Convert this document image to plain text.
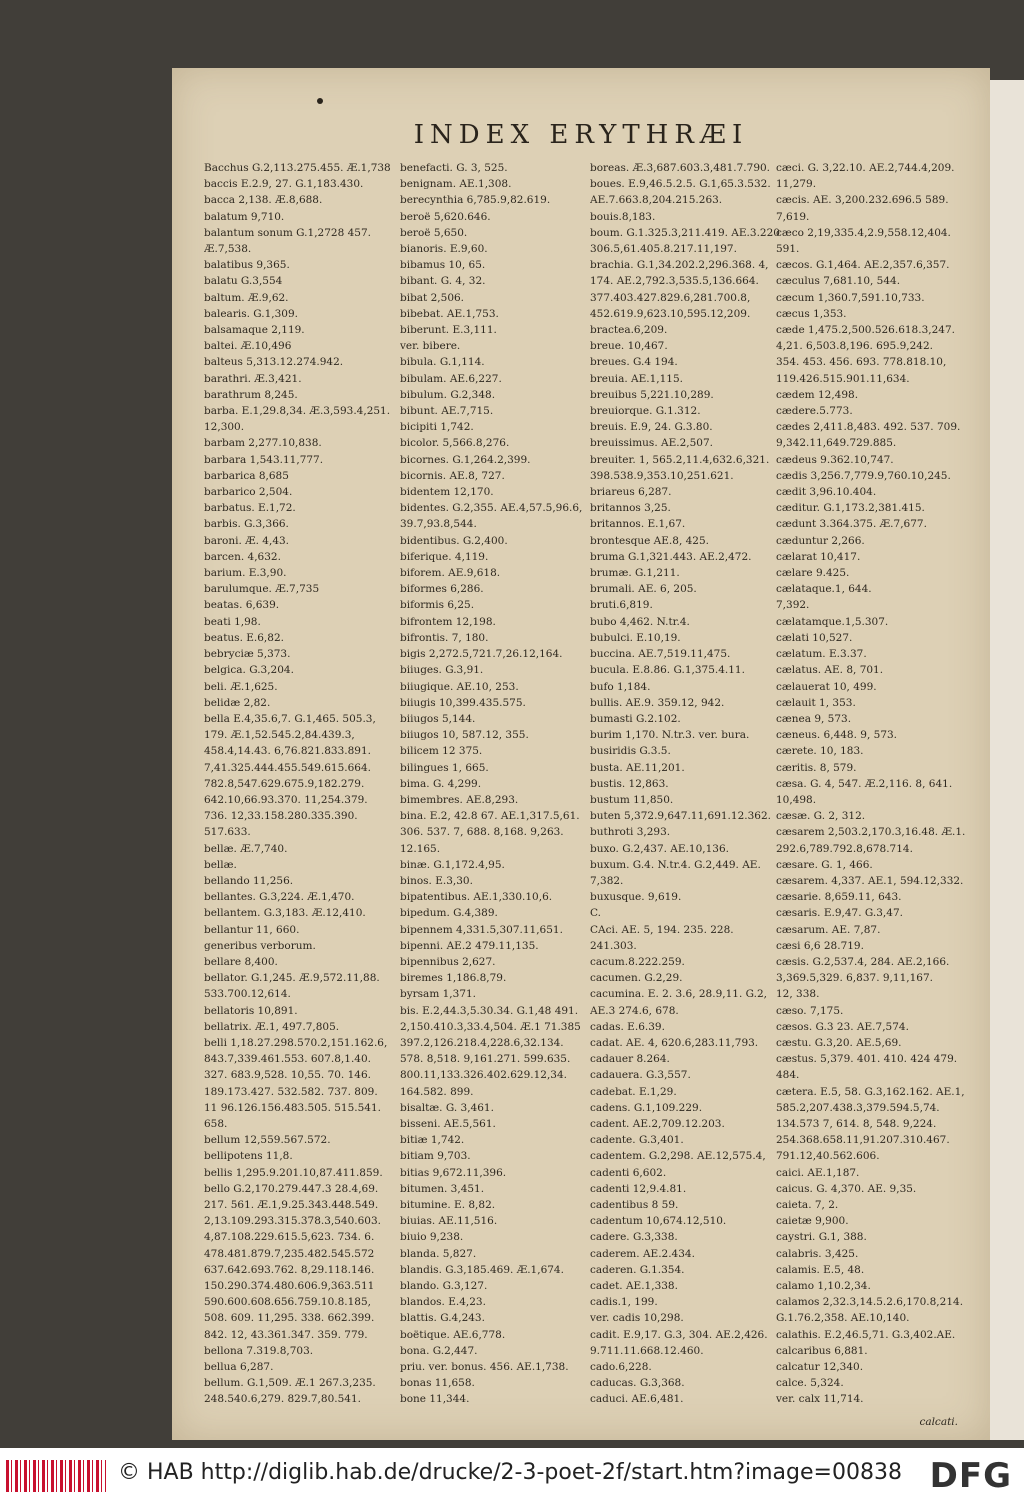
INDEX ERYTHRÆI
Bacchus G.2,113.275.455. Æ.1,738
baccis E.2.9, 27. G.1,183.430.
bacca 2,138. Æ.8,688.
balatum 9,710.
balantum sonum G.1,2728 457.
Æ.7,538.
balatibus 9,365.
balatu G.3,554
baltum. Æ.9,62.
balearis. G.1,309.
balsamaque 2,119.
baltei. Æ.10,496
balteus 5,313.12.274.942.
barathri. Æ.3,421.
barathrum 8,245.
barba. E.1,29.8,34. Æ.3,593.4,251.
12,300.
barbam 2,277.10,838.
barbara 1,543.11,777.
barbarica 8,685
barbarico 2,504.
barbatus. E.1,72.
barbis. G.3,366.
baroni. Æ. 4,43.
barcen. 4,632.
barium. E.3,90.
barulumque. Æ.7,735
beatas. 6,639.
beati 1,98.
beatus. E.6,82.
bebryciæ 5,373.
belgica. G.3,204.
beli. Æ.1,625.
belidæ 2,82.
bella E.4,35.6,7. G.1,465. 505.3,
179. Æ.1,52.545.2,84.439.3,
458.4,14.43. 6,76.821.833.891.
7,41.325.444.455.549.615.664.
782.8,547.629.675.9,182.279.
642.10,66.93.370. 11,254.379.
736. 12,33.158.280.335.390.
517.633.
bellæ. Æ.7,740.
bellæ.
bellando 11,256.
bellantes. G.3,224. Æ.1,470.
bellantem. G.3,183. Æ.12,410.
bellantur 11, 660.
generibus verborum.
bellare 8,400.
bellator. G.1,245. Æ.9,572.11,88.
533.700.12,614.
bellatoris 10,891.
bellatrix. Æ.1, 497.7,805.
belli 1,18.27.298.570.2,151.162.6,
843.7,339.461.553. 607.8,1.40.
327. 683.9,528. 10,55. 70. 146.
189.173.427. 532.582. 737. 809.
11 96.126.156.483.505. 515.541.
658.
bellum 12,559.567.572.
bellipotens 11,8.
bellis 1,295.9.201.10,87.411.859.
bello G.2,170.279.447.3 28.4,69.
217. 561. Æ.1,9.25.343.448.549.
2,13.109.293.315.378.3,540.603.
4,87.108.229.615.5,623. 734. 6.
478.481.879.7,235.482.545.572
637.642.693.762. 8,29.118.146.
150.290.374.480.606.9,363.511
590.600.608.656.759.10.8.185,
508. 609. 11,295. 338. 662.399.
842. 12, 43.361.347. 359. 779.
bellona 7.319.8,703.
bellua 6,287.
bellum. G.1,509. Æ.1 267.3,235.
248.540.6,279. 829.7,80.541.
benefacti. G. 3, 525.
benignam. AE.1,308.
berecynthia 6,785.9,82.619.
beroë 5,620.646.
beroë 5,650.
bianoris. E.9,60.
bibamus 10, 65.
bibant. G. 4, 32.
bibat 2,506.
bibebat. AE.1,753.
biberunt. E.3,111.
ver. bibere.
bibula. G.1,114.
bibulam. AE.6,227.
bibulum. G.2,348.
bibunt. AE.7,715.
bicipiti 1,742.
bicolor. 5,566.8,276.
bicornes. G.1,264.2,399.
bicornis. AE.8, 727.
bidentem 12,170.
bidentes. G.2,355. AE.4,57.5,96.6,
39.7,93.8,544.
bidentibus. G.2,400.
biferique. 4,119.
biforem. AE.9,618.
biformes 6,286.
biformis 6,25.
bifrontem 12,198.
bifrontis. 7, 180.
bigis 2,272.5,721.7,26.12,164.
biiuges. G.3,91.
biiugique. AE.10, 253.
biiugis 10,399.435.575.
biiugos 5,144.
biiugos 10, 587.12, 355.
bilicem 12 375.
bilingues 1, 665.
bima. G. 4,299.
bimembres. AE.8,293.
bina. E.2, 42.8 67. AE.1,317.5,61.
306. 537. 7, 688. 8,168. 9,263.
12.165.
binæ. G.1,172.4,95.
binos. E.3,30.
bipatentibus. AE.1,330.10,6.
bipedum. G.4,389.
bipennem 4,331.5,307.11,651.
bipenni. AE.2 479.11,135.
bipennibus 2,627.
biremes 1,186.8,79.
byrsam 1,371.
bis. E.2,44.3,5.30.34. G.1,48 491.
2,150.410.3,33.4,504. Æ.1 71.385
397.2,126.218.4,228.6,32.134.
578. 8,518. 9,161.271. 599.635.
800.11,133.326.402.629.12,34.
164.582. 899.
bisaltæ. G. 3,461.
bisseni. AE.5,561.
bitiæ 1,742.
bitiam 9,703.
bitias 9,672.11,396.
bitumen. 3,451.
bitumine. E. 8,82.
biuias. AE.11,516.
biuio 9,238.
blanda. 5,827.
blandis. G.3,185.469. Æ.1,674.
blando. G.3,127.
blandos. E.4,23.
blattis. G.4,243.
boëtique. AE.6,778.
bona. G.2,447.
priu. ver. bonus. 456. AE.1,738.
bonas 11,658.
bone 11,344.
boreas. Æ.3,687.603.3,481.7.790.
boues. E.9,46.5.2.5. G.1,65.3.532.
AE.7.663.8,204.215.263.
bouis.8,183.
boum. G.1.325.3,211.419. AE.3.220
306.5,61.405.8.217.11,197.
brachia. G.1,34.202.2,296.368. 4,
174. AE.2,792.3,535.5,136.664.
377.403.427.829.6,281.700.8,
452.619.9,623.10,595.12,209.
bractea.6,209.
breue. 10,467.
breues. G.4 194.
breuia. AE.1,115.
breuibus 5,221.10,289.
breuiorque. G.1.312.
breuis. E.9, 24. G.3.80.
breuissimus. AE.2,507.
breuiter. 1, 565.2,11.4,632.6,321.
398.538.9,353.10,251.621.
briareus 6,287.
britannos 3,25.
britannos. E.1,67.
brontesque AE.8, 425.
bruma G.1,321.443. AE.2,472.
brumæ. G.1,211.
brumali. AE. 6, 205.
bruti.6,819.
bubo 4,462. N.tr.4.
bubulci. E.10,19.
buccina. AE.7,519.11,475.
bucula. E.8.86. G.1,375.4.11.
bufo 1,184.
bullis. AE.9. 359.12, 942.
bumasti G.2.102.
burim 1,170. N.tr.3. ver. bura.
busiridis G.3.5.
busta. AE.11,201.
bustis. 12,863.
bustum 11,850.
buten 5,372.9,647.11,691.12.362.
buthroti 3,293.
buxo. G.2,437. AE.10,136.
buxum. G.4. N.tr.4. G.2,449. AE.
7,382.
buxusque. 9,619.
C.
CAci. AE. 5, 194. 235. 228.
241.303.
cacum.8.222.259.
cacumen. G.2,29.
cacumina. E. 2. 3.6, 28.9,11. G.2,
AE.3 274.6, 678.
cadas. E.6.39.
cadat. AE. 4, 620.6,283.11,793.
cadauer 8.264.
cadauera. G.3,557.
cadebat. E.1,29.
cadens. G.1,109.229.
cadent. AE.2,709.12.203.
cadente. G.3,401.
cadentem. G.2,298. AE.12,575.4,
cadenti 6,602.
cadenti 12,9.4.81.
cadentibus 8 59.
cadentum 10,674.12,510.
cadere. G.3,338.
caderem. AE.2.434.
caderen. G.1.354.
cadet. AE.1,338.
cadis.1, 199.
ver. cadis 10,298.
cadit. E.9,17. G.3, 304. AE.2,426.
9.711.11.668.12.460.
cado.6,228.
caducas. G.3,368.
caduci. AE.6,481.
cæci. G. 3,22.10. AE.2,744.4,209.
11,279.
cæcis. AE. 3,200.232.696.5 589.
7,619.
cæco 2,19,335.4,2.9,558.12,404.
591.
cæcos. G.1,464. AE.2,357.6,357.
cæculus 7,681.10, 544.
cæcum 1,360.7,591.10,733.
cæcus 1,353.
cæde 1,475.2,500.526.618.3,247.
4,21. 6,503.8,196. 695.9,242.
354. 453. 456. 693. 778.818.10,
119.426.515.901.11,634.
cædem 12,498.
cædere.5.773.
cædes 2,411.8,483. 492. 537. 709.
9,342.11,649.729.885.
cædeus 9.362.10,747.
cædis 3,256.7,779.9,760.10,245.
cædit 3,96.10.404.
cæditur. G.1,173.2,381.415.
cædunt 3.364.375. Æ.7,677.
cæduntur 2,266.
cælarat 10,417.
cælare 9.425.
cælataque.1, 644.
7,392.
cælatamque.1,5.307.
cælati 10,527.
cælatum. E.3.37.
cælatus. AE. 8, 701.
cælauerat 10, 499.
cælauit 1, 353.
cænea 9, 573.
cæneus. 6,448. 9, 573.
cærete. 10, 183.
cæritis. 8, 579.
cæsa. G. 4, 547. Æ.2,116. 8, 641.
10,498.
cæsæ. G. 2, 312.
cæsarem 2,503.2,170.3,16.48. Æ.1.
292.6,789.792.8,678.714.
cæsare. G. 1, 466.
cæsarem. 4,337. AE.1, 594.12,332.
cæsarie. 8,659.11, 643.
cæsaris. E.9,47. G.3,47.
cæsarum. AE. 7,87.
cæsi 6,6 28.719.
cæsis. G.2,537.4, 284. AE.2,166.
3,369.5,329. 6,837. 9,11,167.
12, 338.
cæso. 7,175.
cæsos. G.3 23. AE.7,574.
cæstu. G.3,20. AE.5,69.
cæstus. 5,379. 401. 410. 424 479.
484.
cætera. E.5, 58. G.3,162.162. AE.1,
585.2,207.438.3,379.594.5,74.
134.573 7, 614. 8, 548. 9,224.
254.368.658.11,91.207.310.467.
791.12,40.562.606.
caici. AE.1,187.
caicus. G. 4,370. AE. 9,35.
caieta. 7, 2.
caietæ 9,900.
caystri. G.1, 388.
calabris. 3,425.
calamis. E.5, 48.
calamo 1,10.2,34.
calamos 2,32.3,14.5.2.6,170.8,214.
G.1.76.2,358. AE.10,140.
calathis. E.2,46.5,71. G.3,402.AE.
calcaribus 6,881.
calcatur 12,340.
calce. 5,324.
ver. calx 11,714.
calcati.
© HAB http://diglib.hab.de/drucke/2-3-poet-2f/start.htm?image=00838 DFG
